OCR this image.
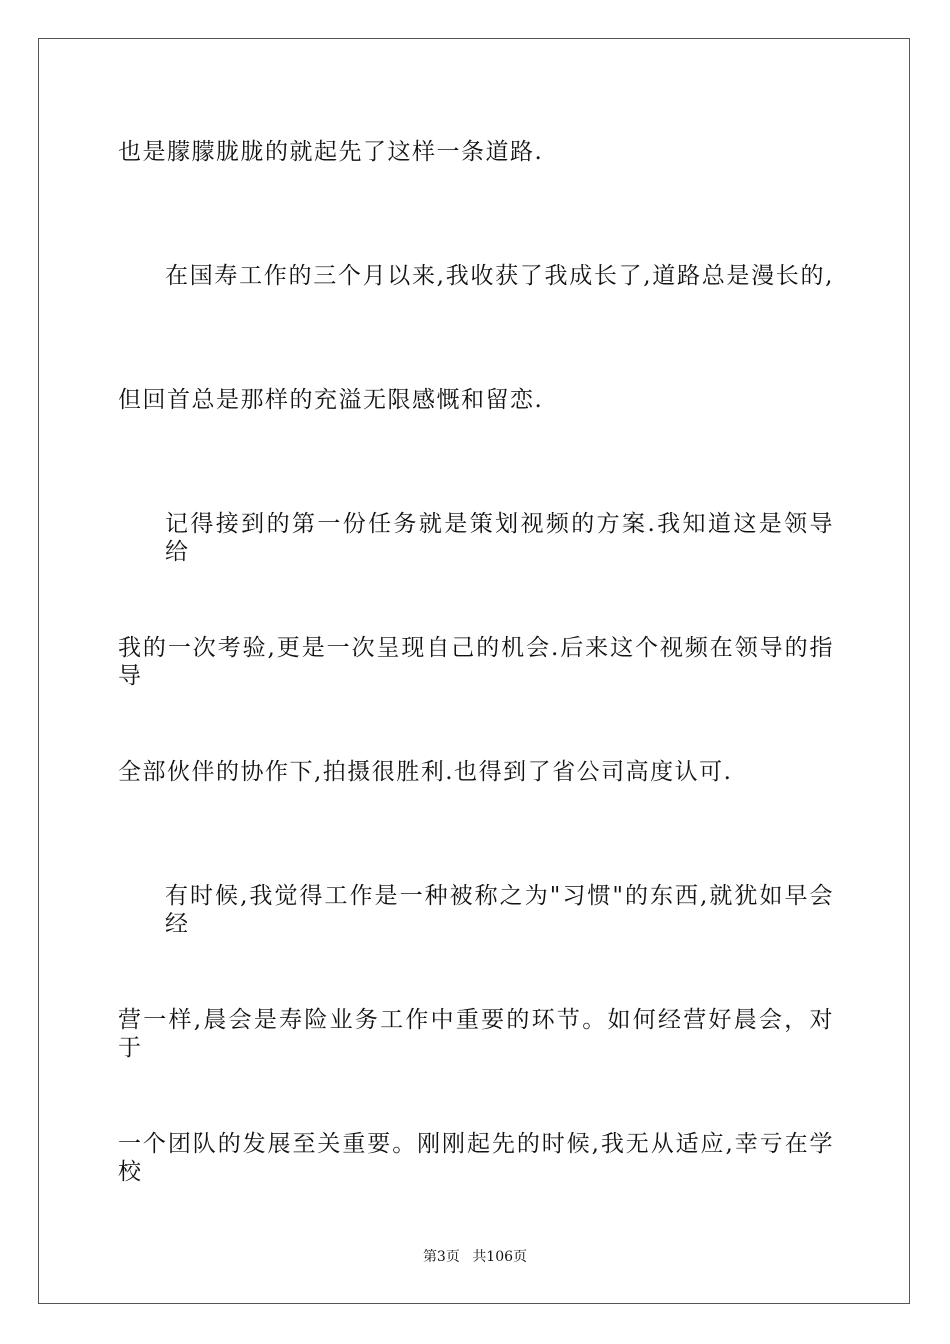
也是朦朦胧胧的就起先了这样一条道路.

在国寿工作的三个月以来,我收获了我成长了,道路总是漫长的,

但回首总是那样的充溢无限感慨和留恋.

记得接到的第一份任务就是策划视频的方案.我知道这是领导给

我的一次考验,更是一次呈现自己的机会.后来这个视频在领导的指导

全部伙伴的协作下,拍摄很胜利.也得到了省公司高度认可.

有时候,我觉得工作是一种被称之为"习惯"的东西,就犹如早会经

营一样,晨会是寿险业务工作中重要的环节。如何经营好晨会，对于

一个团队的发展至关重要。刚刚起先的时候,我无从适应,幸亏在学校

第3页 共106页
